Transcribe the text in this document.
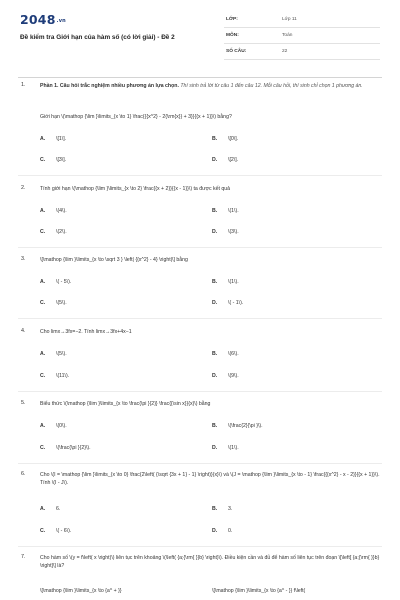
2048.vn
Đề kiểm tra Giới hạn của hàm số (có lời giải) - Đề 2
LỚP:	Lớp 11
MÔN:	Toán
SỐ CÂU:	22
1.	Phần 1. Câu hỏi trắc nghiệm nhiều phương án lựa chọn. Thí sinh trả lời từ câu 1 đến câu 12. Mỗi câu hỏi, thí sinh chỉ chọn 1 phương án.
Giới hạn \(\mathop {\lim }\limits_{x \to 1} \frac{{{x^2} - 2{\rm{x}} + 3}}{{x + 1}}\) bằng?
A. \[1\].	B. \[0\].
C. \[3\].	D. \[2\].
2.	Tính giới hạn \(\mathop {\lim }\limits_{x \to 2} \frac{{x + 2}}{{x - 1}}\) ta được kết quả
A. \(4\).	B. \(1\).
C. \(2\).	D. \(3\).
3.	\[\mathop {\lim }\limits_{x \to \sqrt 3 } \left| {{x^2} - 4} \right|\] bằng
A. \( - 5\).	B. \(1\).
C. \(5\).	D. \( - 1\).
4.	Cho limx→3fx=−2. Tính limx→3fx+4x−1
A. \(5\).	B. \(6\).
C. \(11\).	D. \(9\).
5.	Biểu thức \(\mathop {\lim }\limits_{x \to \frac{\pi }{2}} \frac{{\sin x}}{x}\) bằng
A. \(0\).	B. \(\frac{2}{\pi }\).
C. \(\frac{\pi }{2}\).	D. \(1\).
6.	Cho \(I = \mathop {\lim }\limits_{x \to 0} \frac{2\left( {\sqrt {3x + 1} - 1} \right)}{x}\) và \(J = \mathop {\lim }\limits_{x \to - 1} \frac{{{x^2} - x - 2}}{{x + 1}}\). Tính \(I - J\).
A. 6.	B. 3.
C. \( - 6\).	D. 0.
7.	Cho hàm số \(y = f\left( x \right)\) liên tục trên khoảng \(\left( {a;{\rm{ }}b} \right)\). Điều kiện cần và đủ để hàm số liên tục trên đoạn \[\left[ {a;{\rm{ }}b} \right]\] là?
\[\mathop {\lim }\limits_{x \to {a^ + }}	\[\mathop {\lim }\limits_{x \to {a^ - }} f\left(
